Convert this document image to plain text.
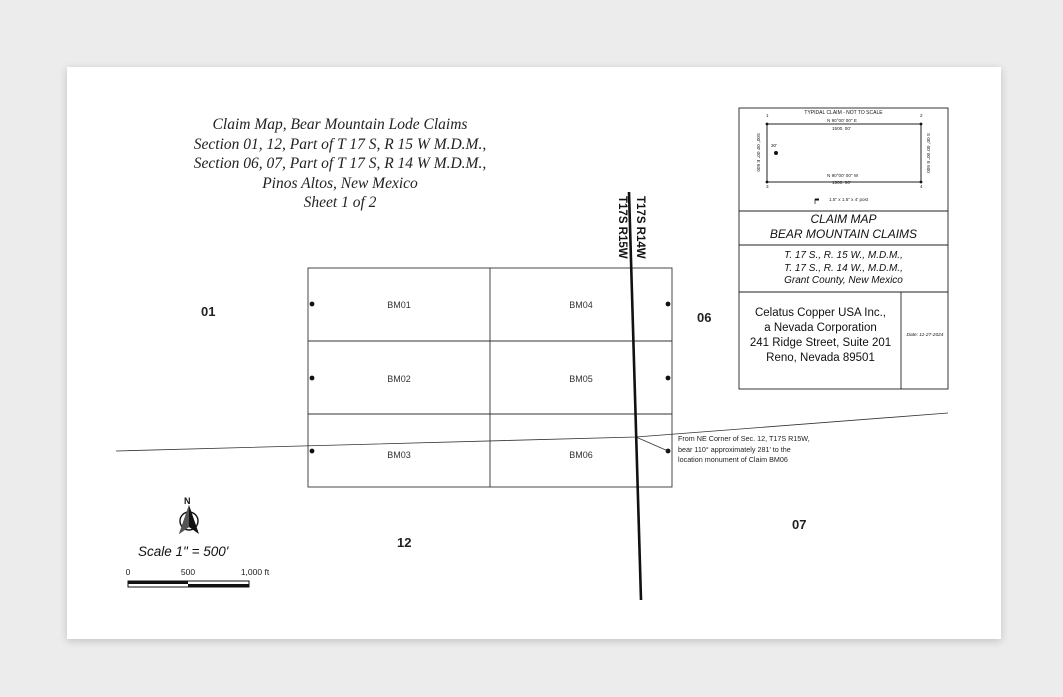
Claim Map, Bear Mountain Lode Claims
Section 01, 12, Part of T 17 S, R 15 W M.D.M.,
Section 06, 07, Part of T 17 S, R 14 W M.D.M.,
Pinos Altos, New Mexico
Sheet 1 of 2
01	06
12
07
BM01	BM04
BM02	BM05
BM03	BM06
T17S R15W T17S R14W
From NE Corner of Sec. 12, T17S R15W,
bear 110° approximately 281' to the
location monument of Claim BM06
N
Scale 1" = 500'
0	500	1,000 ft
TYPIDAL CLAIM - NOT TO SCALE
1	2
3	4
N 90°00' 00" E
1500. 00'
N 90°00' 00" W
1500. 00'
S00° 00' 00" E 600	S 00° 00' 00" E 600
30'
1.5" x 1.5" x 4' post
CLAIM MAP
BEAR MOUNTAIN CLAIMS
T. 17 S., R. 15 W., M.D.M.,
T. 17 S., R. 14 W., M.D.M.,
Grant County, New Mexico
Celatus Copper USA Inc.,
a Nevada Corporation
241 Ridge Street, Suite 201
Reno, Nevada 89501
Date: 11-27-2024
